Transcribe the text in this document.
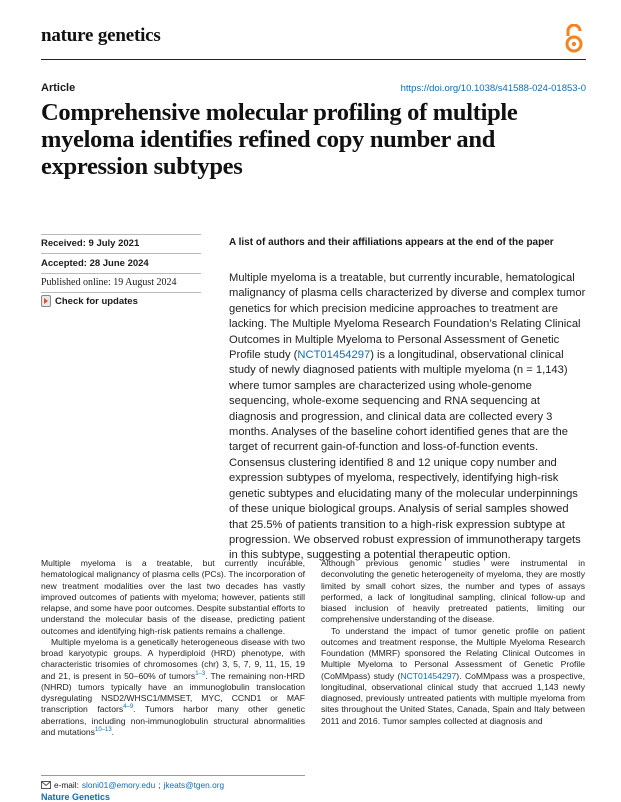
nature genetics
Article	https://doi.org/10.1038/s41588-024-01853-0
Comprehensive molecular profiling of multiple myeloma identifies refined copy number and expression subtypes
Received: 9 July 2021
Accepted: 28 June 2024
Published online: 19 August 2024
Check for updates
A list of authors and their affiliations appears at the end of the paper

Multiple myeloma is a treatable, but currently incurable, hematological malignancy of plasma cells characterized by diverse and complex tumor genetics for which precision medicine approaches to treatment are lacking. The Multiple Myeloma Research Foundation’s Relating Clinical Outcomes in Multiple Myeloma to Personal Assessment of Genetic Profile study (NCT01454297) is a longitudinal, observational clinical study of newly diagnosed patients with multiple myeloma (n = 1,143) where tumor samples are characterized using whole-genome sequencing, whole-exome sequencing and RNA sequencing at diagnosis and progression, and clinical data are collected every 3 months. Analyses of the baseline cohort identified genes that are the target of recurrent gain-of-function and loss-of-function events. Consensus clustering identified 8 and 12 unique copy number and expression subtypes of myeloma, respectively, identifying high-risk genetic subtypes and elucidating many of the molecular underpinnings of these unique biological groups. Analysis of serial samples showed that 25.5% of patients transition to a high-risk expression subtype at progression. We observed robust expression of immunotherapy targets in this subtype, suggesting a potential therapeutic option.

Multiple myeloma is a treatable, but currently incurable, hematological malignancy of plasma cells (PCs). The incorporation of new treatment modalities over the last two decades has vastly improved outcomes of patients with myeloma; however, patients still relapse, and some have poor outcomes. Despite substantial efforts to understand the molecular basis of the disease, predicting patient outcomes and identifying high-risk patients remains a challenge.

Multiple myeloma is a genetically heterogeneous disease with two broad karyotypic groups. A hyperdiploid (HRD) phenotype, with characteristic trisomies of chromosomes (chr) 3, 5, 7, 9, 11, 15, 19 and 21, is present in 50–60% of tumors$^{1-3}$. The remaining non-HRD (NHRD) tumors typically have an immunoglobulin translocation dysregulating NSD2/WHSC1/MMSET, MYC, CCND1 or MAF transcription factors$^{4-9}$. Tumors harbor many other genetic aberrations, including non-immunoglobulin structural abnormalities and mutations$^{10-13}$.

Although previous genomic studies were instrumental in deconvoluting the genetic heterogeneity of myeloma, they are mostly limited by small cohort sizes, the number and types of assays performed, a lack of longitudinal sampling, clinical follow-up and biased inclusion of heavily pretreated patients, limiting our comprehensive understanding of the disease.

To understand the impact of tumor genetic profile on patient outcomes and treatment response, the Multiple Myeloma Research Foundation (MMRF) sponsored the Relating Clinical Outcomes in Multiple Myeloma to Personal Assessment of Genetic Profile (CoMMpass) study (NCT01454297). CoMMpass was a prospective, longitudinal, observational clinical study that accrued 1,143 newly diagnosed, previously untreated patients with multiple myeloma from sites throughout the United States, Canada, Spain and Italy between 2011 and 2016. Tumor samples collected at diagnosis and

e-mail: sloni01@emory.edu ; jkeats@tgen.org
Nature Genetics
